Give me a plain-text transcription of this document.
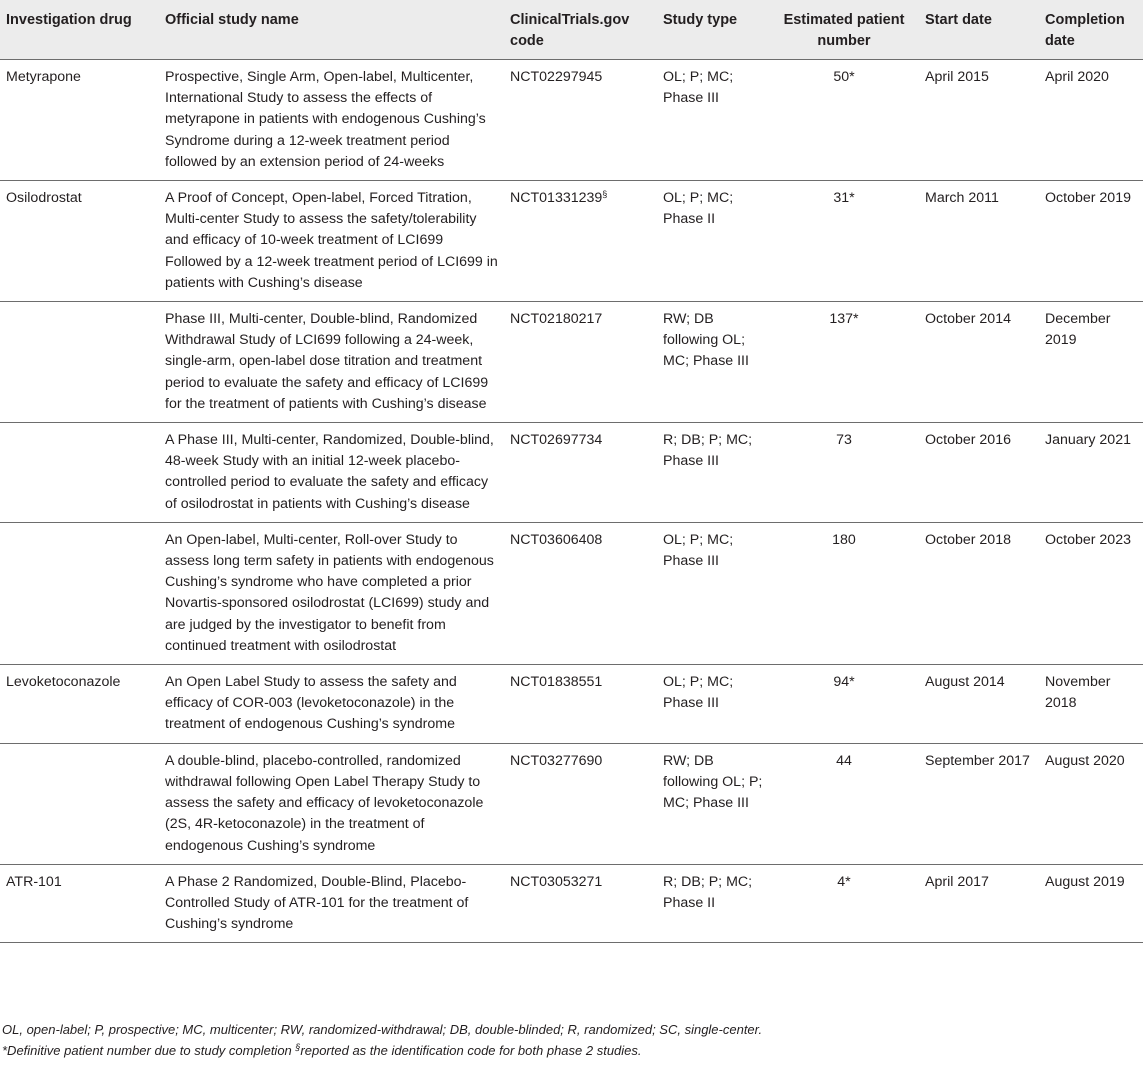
Investigation drug	Official study name	ClinicalTrials.gov code	Study type	Estimated patient number	Start date	Completion date
Metyrapone	Prospective, Single Arm, Open-label, Multicenter, International Study to assess the effects of metyrapone in patients with endogenous Cushing’s Syndrome during a 12-week treatment period followed by an extension period of 24-weeks	NCT02297945	OL; P; MC; Phase III	50*	April 2015	April 2020
Osilodrostat	A Proof of Concept, Open-label, Forced Titration, Multi-center Study to assess the safety/tolerability and efficacy of 10-week treatment of LCI699 Followed by a 12-week treatment period of LCI699 in patients with Cushing’s disease	NCT01331239§	OL; P; MC; Phase II	31*	March 2011	October 2019
	Phase III, Multi-center, Double-blind, Randomized Withdrawal Study of LCI699 following a 24-week, single-arm, open-label dose titration and treatment period to evaluate the safety and efficacy of LCI699 for the treatment of patients with Cushing’s disease	NCT02180217	RW; DB following OL; MC; Phase III	137*	October 2014	December 2019
	A Phase III, Multi-center, Randomized, Double-blind, 48-week Study with an initial 12-week placebo-controlled period to evaluate the safety and efficacy of osilodrostat in patients with Cushing’s disease	NCT02697734	R; DB; P; MC; Phase III	73	October 2016	January 2021
	An Open-label, Multi-center, Roll-over Study to assess long term safety in patients with endogenous Cushing’s syndrome who have completed a prior Novartis-sponsored osilodrostat (LCI699) study and are judged by the investigator to benefit from continued treatment with osilodrostat	NCT03606408	OL; P; MC; Phase III	180	October 2018	October 2023
Levoketoconazole	An Open Label Study to assess the safety and efficacy of COR-003 (levoketoconazole) in the treatment of endogenous Cushing’s syndrome	NCT01838551	OL; P; MC; Phase III	94*	August 2014	November 2018
	A double-blind, placebo-controlled, randomized withdrawal following Open Label Therapy Study to assess the safety and efficacy of levoketoconazole (2S, 4R-ketoconazole) in the treatment of endogenous Cushing’s syndrome	NCT03277690	RW; DB following OL; P; MC; Phase III	44	September 2017	August 2020
ATR-101	A Phase 2 Randomized, Double-Blind, Placebo-Controlled Study of ATR-101 for the treatment of Cushing’s syndrome	NCT03053271	R; DB; P; MC; Phase II	4*	April 2017	August 2019
OL, open-label; P, prospective; MC, multicenter; RW, randomized-withdrawal; DB, double-blinded; R, randomized; SC, single-center.
*Definitive patient number due to study completion §reported as the identification code for both phase 2 studies.
